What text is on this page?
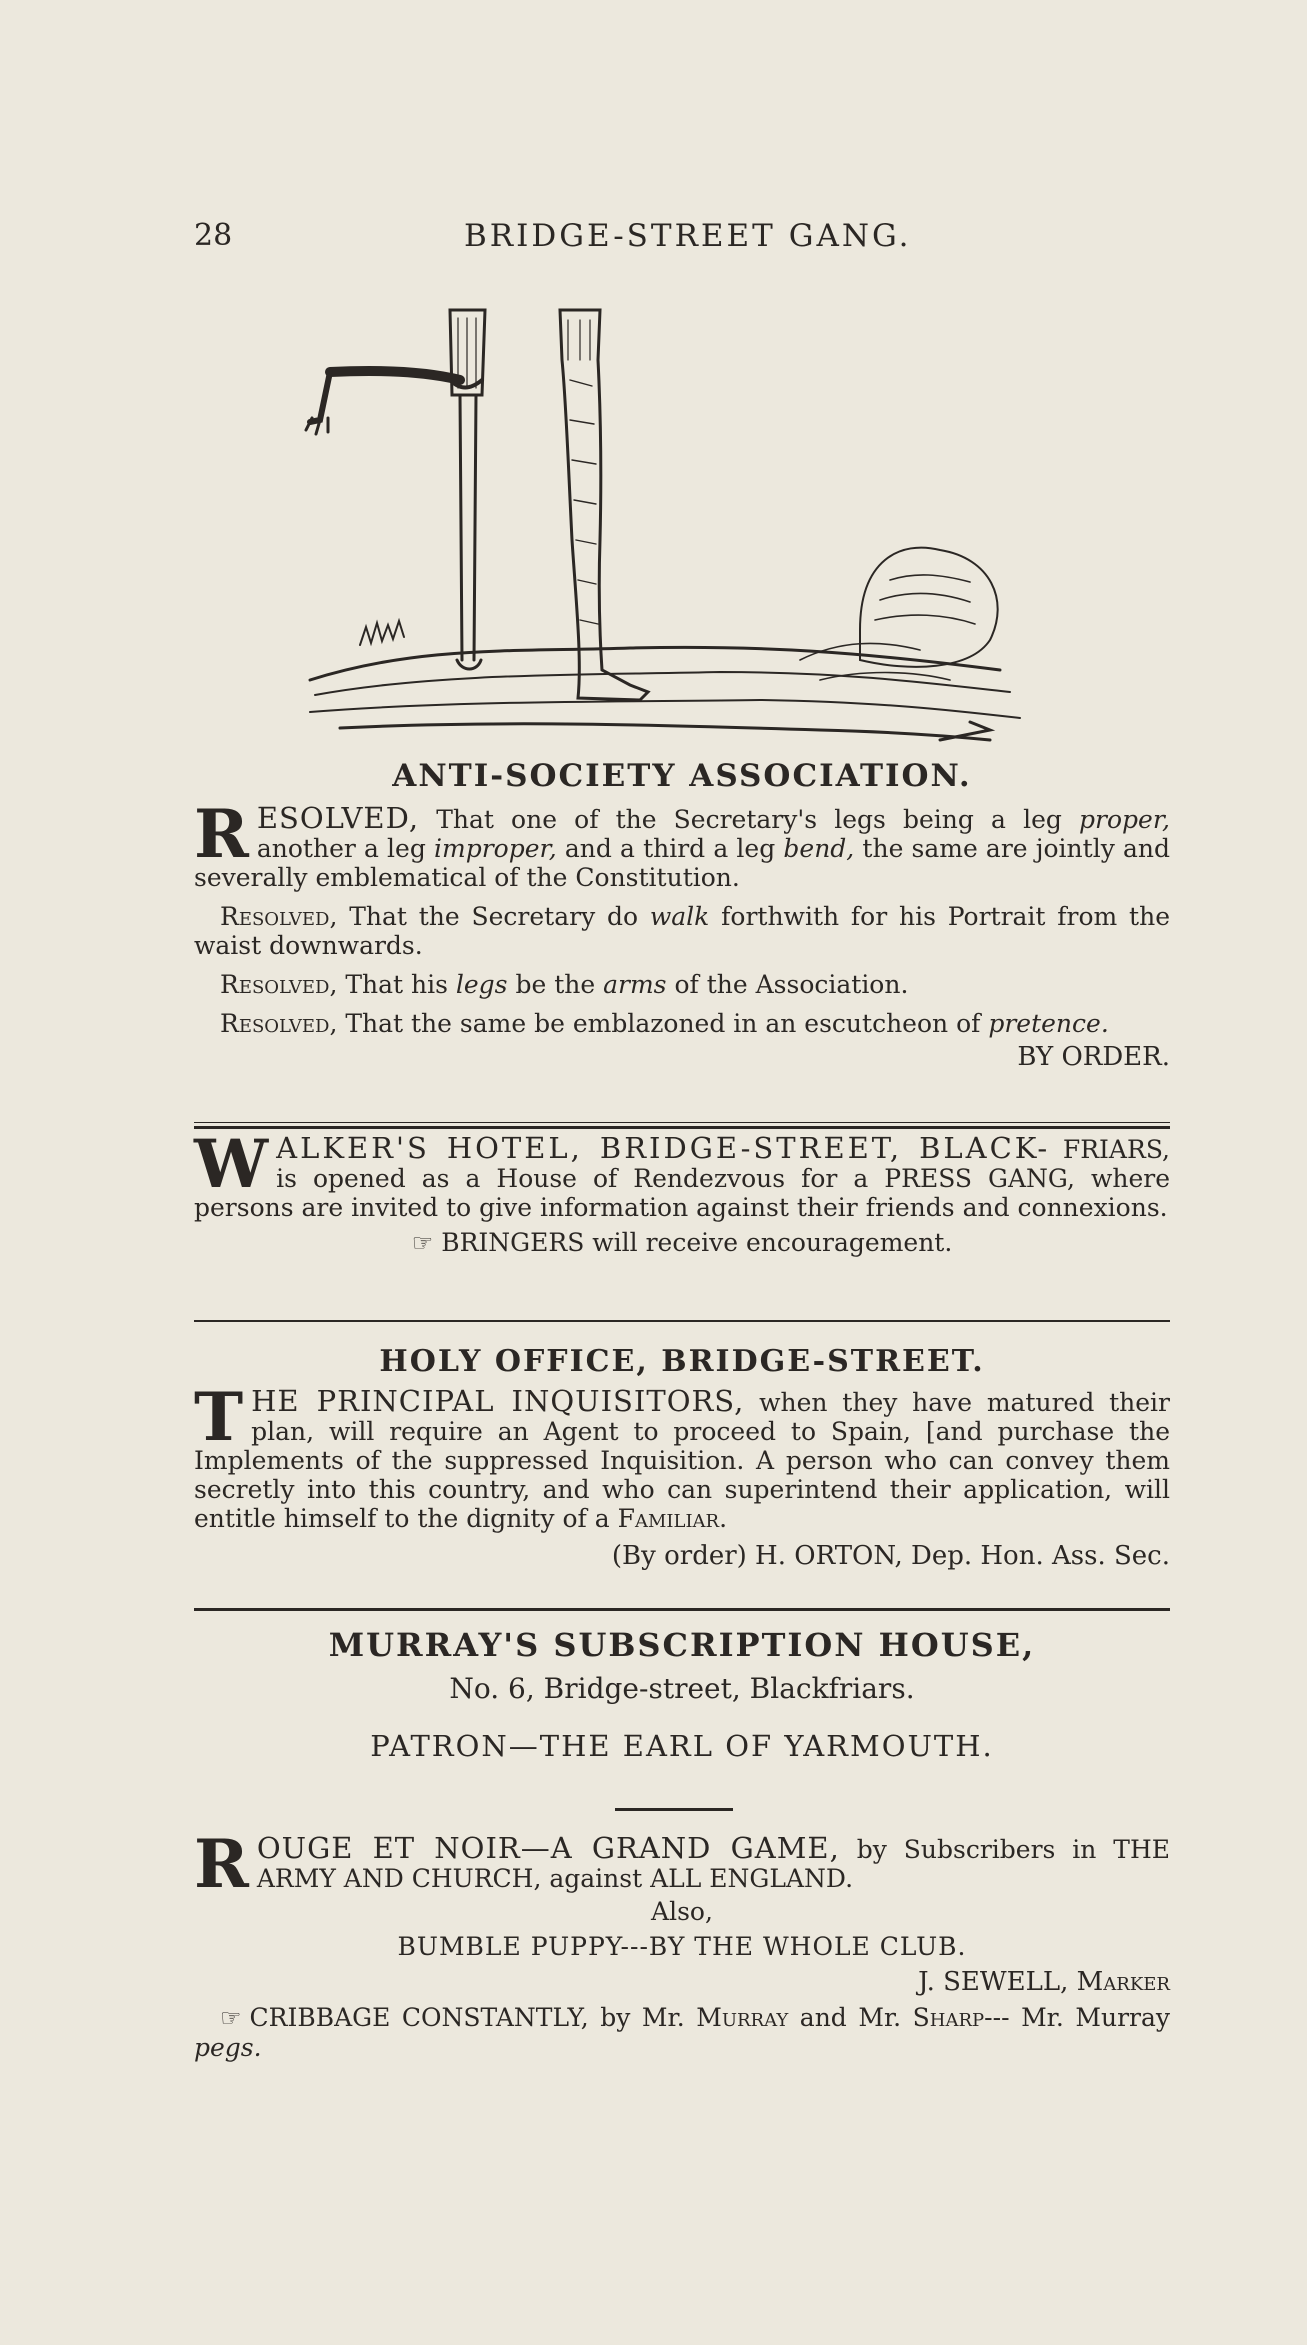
28	BRIDGE-STREET GANG.
ANTI-SOCIETY ASSOCIATION.

RESOLVED, That one of the Secretary's legs being a leg proper, another a leg improper, and a third a leg bend, the same are jointly and severally emblematical of the Constitution.

Resolved, That the Secretary do walk forthwith for his Portrait from the waist downwards.

Resolved, That his legs be the arms of the Association.

Resolved, That the same be emblazoned in an escutcheon of pretence.

BY ORDER.

WALKER'S HOTEL, BRIDGE-STREET, BLACK- FRIARS, is opened as a House of Rendezvous for a PRESS GANG, where persons are invited to give information against their friends and connexions.

☞ BRINGERS will receive encouragement.

HOLY OFFICE, BRIDGE-STREET.

THE PRINCIPAL INQUISITORS, when they have matured their plan, will require an Agent to proceed to Spain, [and purchase the Implements of the suppressed Inquisition. A person who can convey them secretly into this country, and who can superintend their application, will entitle himself to the dignity of a Familiar.

(By order) H. ORTON, Dep. Hon. Ass. Sec.

MURRAY'S SUBSCRIPTION HOUSE,

No. 6, Bridge-street, Blackfriars.

PATRON—THE EARL OF YARMOUTH.

ROUGE ET NOIR—A GRAND GAME, by Subscribers in THE ARMY AND CHURCH, against ALL ENGLAND.

Also,

BUMBLE PUPPY---BY THE WHOLE CLUB.

J. SEWELL, Marker

☞ CRIBBAGE CONSTANTLY, by Mr. Murray and Mr. Sharp--- Mr. Murray pegs.
